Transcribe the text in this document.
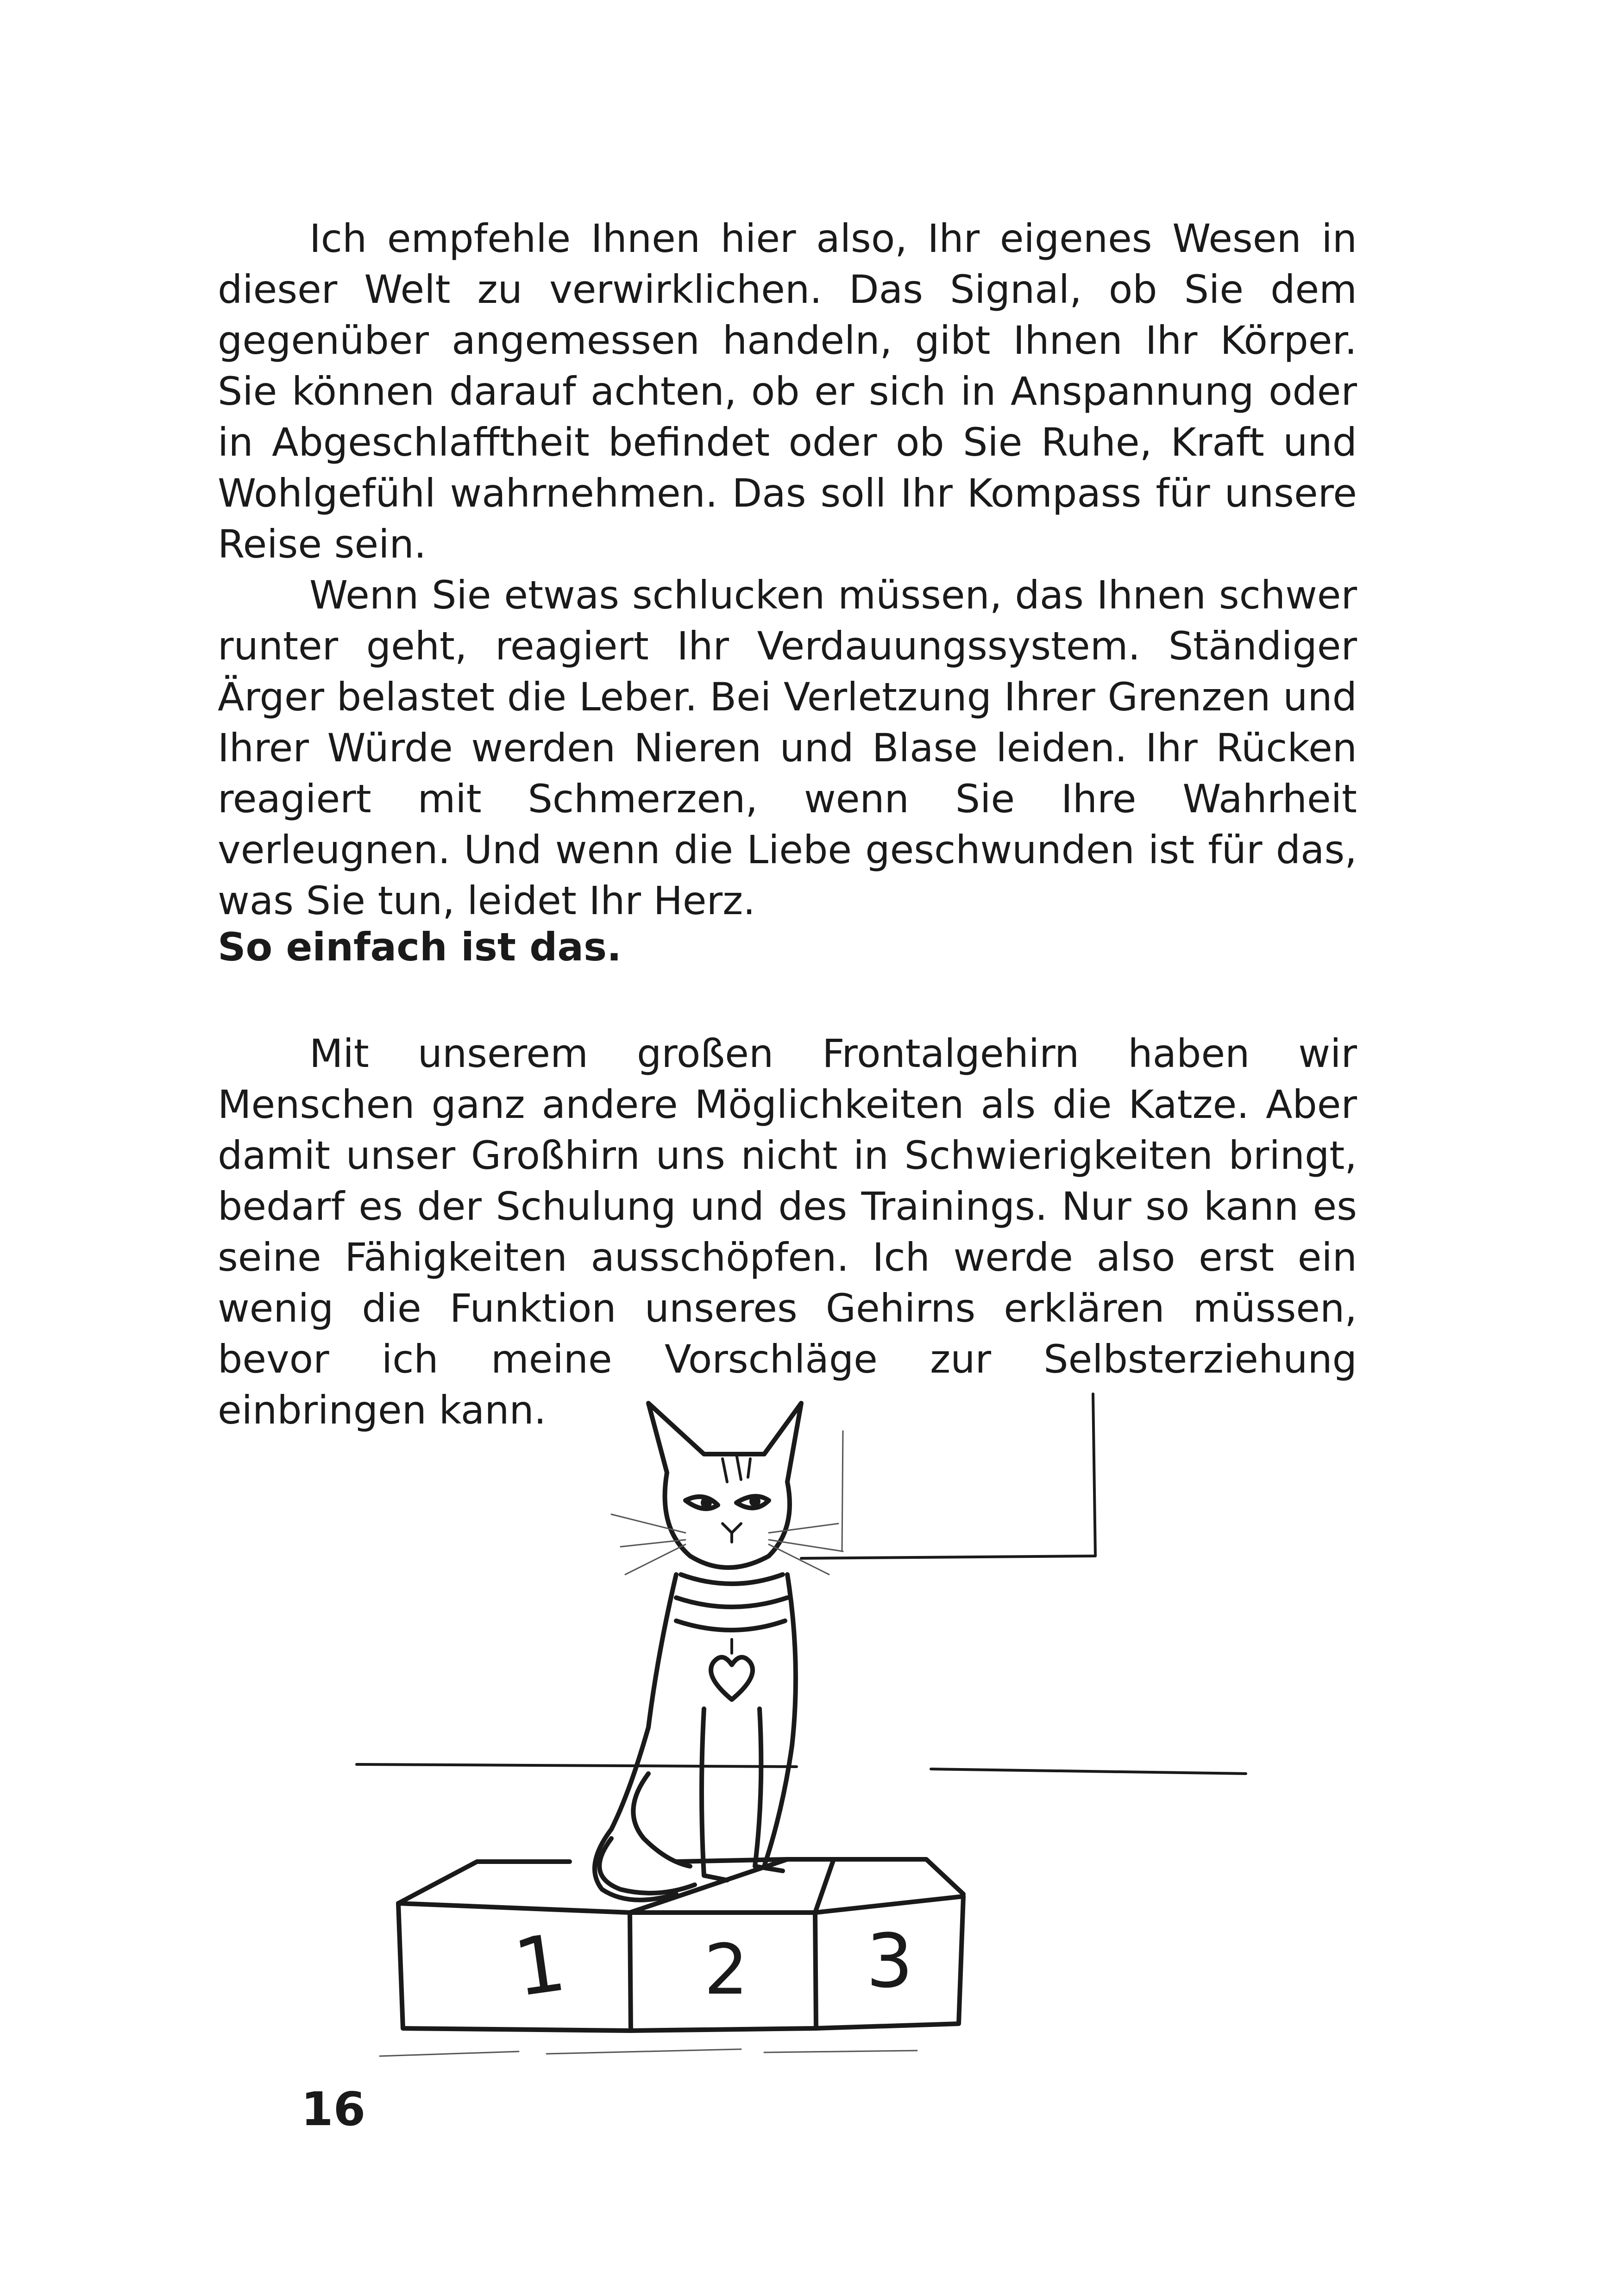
Ich empfehle Ihnen hier also, Ihr eigenes Wesen in dieser Welt zu verwirklichen. Das Signal, ob Sie dem gegenüber angemessen handeln, gibt Ihnen Ihr Körper. Sie können darauf achten, ob er sich in Anspannung oder in Abgeschlafftheit befindet oder ob Sie Ruhe, Kraft und Wohlgefühl wahrnehmen. Das soll Ihr Kompass für unsere Reise sein.

Wenn Sie etwas schlucken müssen, das Ihnen schwer runter geht, reagiert Ihr Verdauungssystem. Ständiger Ärger belastet die Leber. Bei Verletzung Ihrer Grenzen und Ihrer Würde werden Nieren und Blase leiden. Ihr Rücken reagiert mit Schmerzen, wenn Sie Ihre Wahrheit verleugnen. Und wenn die Liebe geschwunden ist für das, was Sie tun, leidet Ihr Herz.

So einfach ist das.

Mit unserem großen Frontalgehirn haben wir Menschen ganz andere Möglichkeiten als die Katze. Aber damit unser Großhirn uns nicht in Schwierigkeiten bringt, bedarf es der Schulung und des Trainings. Nur so kann es seine Fähigkeiten ausschöpfen. Ich werde also erst ein wenig die Funktion unseres Gehirns erklären müssen, bevor ich meine Vorschläge zur Selbsterziehung einbringen kann.

1 2 3
16
